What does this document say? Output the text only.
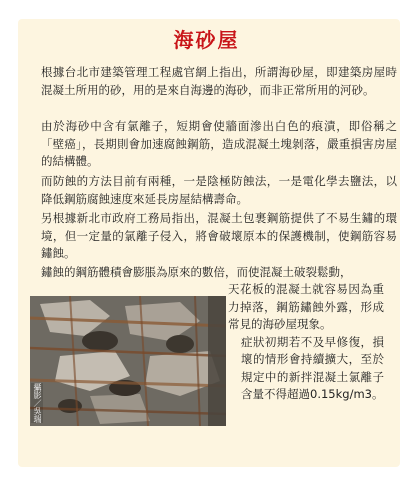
海砂屋

根據台北市建築管理工程處官網上指出，所謂海砂屋，即建築房屋時混凝土所用的砂，用的是來自海邊的海砂，而非正常所用的河砂。

由於海砂中含有氯離子，短期會使牆面滲出白色的痕漬，即俗稱之「壁癌」，長期則會加速腐蝕鋼筋，造成混凝土塊剝落，嚴重損害房屋的結構體。

而防蝕的方法目前有兩種，一是陰極防蝕法，一是電化學去鹽法，以降低鋼筋腐蝕速度來延長房屋結構壽命。

另根據新北市政府工務局指出，混凝土包裹鋼筋提供了不易生鏽的環境，但一定量的氯離子侵入，將會破壞原本的保護機制，使鋼筋容易鏽蝕。

鏽蝕的鋼筋體積會膨脹為原來的數倍，而使混凝土破裂鬆動，

攝影／吳瑞

天花板的混凝土就容易因為重力掉落，鋼筋鏽蝕外露，形成常見的海砂屋現象。
症狀初期若不及早修復，損壞的情形會持續擴大，至於規定中的新拌混凝土氯離子含量不得超過0.15kg/m3。
